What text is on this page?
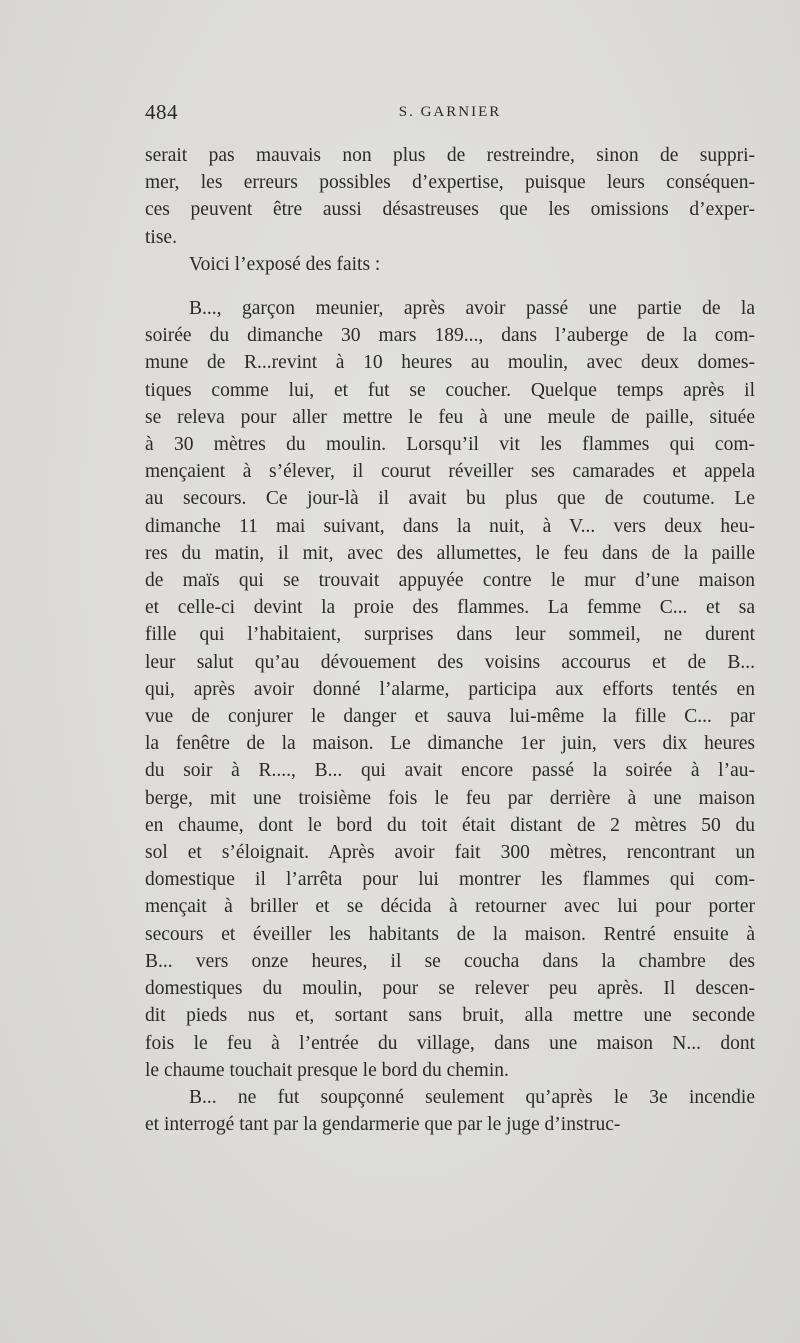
484	S. GARNIER

serait pas mauvais non plus de restreindre, sinon de suppri-

mer, les erreurs possibles d’expertise, puisque leurs conséquen-

ces peuvent être aussi désastreuses que les omissions d’exper-

tise.

Voici l’exposé des faits :

B..., garçon meunier, après avoir passé une partie de la

soirée du dimanche 30 mars 189..., dans l’auberge de la com-

mune de R...revint à 10 heures au moulin, avec deux domes-

tiques comme lui, et fut se coucher. Quelque temps après il

se releva pour aller mettre le feu à une meule de paille, située

à 30 mètres du moulin. Lorsqu’il vit les flammes qui com-

mençaient à s’élever, il courut réveiller ses camarades et appela

au secours. Ce jour-là il avait bu plus que de coutume. Le

dimanche 11 mai suivant, dans la nuit, à V... vers deux heu-

res du matin, il mit, avec des allumettes, le feu dans de la paille

de maïs qui se trouvait appuyée contre le mur d’une maison

et celle-ci devint la proie des flammes. La femme C... et sa

fille qui l’habitaient, surprises dans leur sommeil, ne durent

leur salut qu’au dévouement des voisins accourus et de B...

qui, après avoir donné l’alarme, participa aux efforts tentés en

vue de conjurer le danger et sauva lui-même la fille C... par

la fenêtre de la maison. Le dimanche 1er juin, vers dix heures

du soir à R...., B... qui avait encore passé la soirée à l’au-

berge, mit une troisième fois le feu par derrière à une maison

en chaume, dont le bord du toit était distant de 2 mètres 50 du

sol et s’éloignait. Après avoir fait 300 mètres, rencontrant un

domestique il l’arrêta pour lui montrer les flammes qui com-

mençait à briller et se décida à retourner avec lui pour porter

secours et éveiller les habitants de la maison. Rentré ensuite à

B... vers onze heures, il se coucha dans la chambre des

domestiques du moulin, pour se relever peu après. Il descen-

dit pieds nus et, sortant sans bruit, alla mettre une seconde

fois le feu à l’entrée du village, dans une maison N... dont

le chaume touchait presque le bord du chemin.

B... ne fut soupçonné seulement qu’après le 3e incendie

et interrogé tant par la gendarmerie que par le juge d’instruc-
